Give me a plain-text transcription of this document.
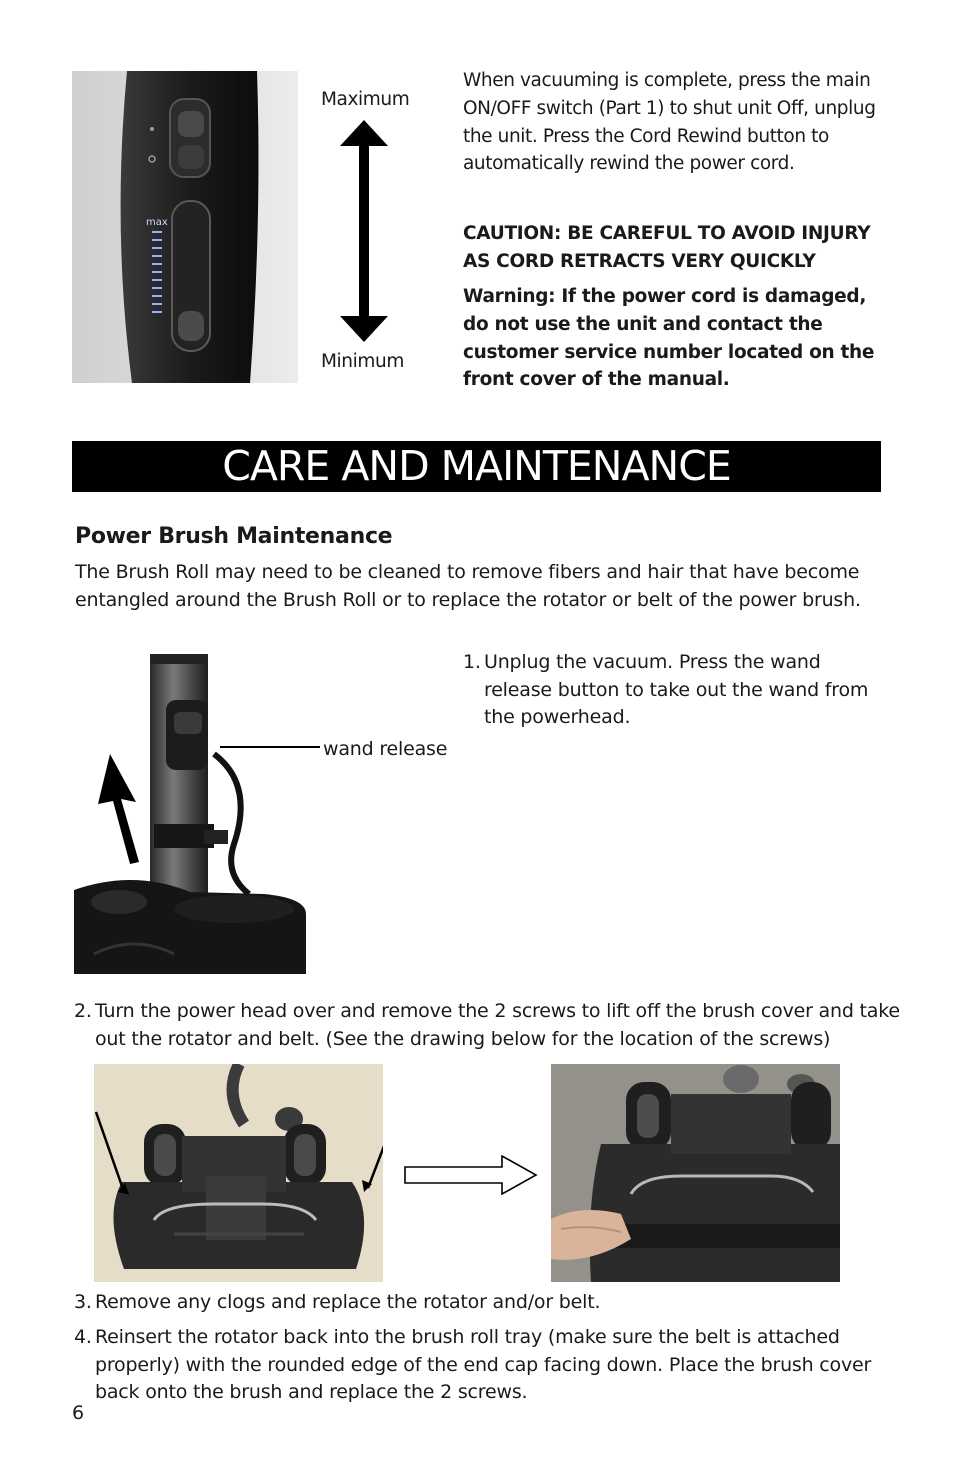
max
Maximum
Minimum
When vacuuming is complete, press the main ON/OFF switch (Part 1) to shut unit Off, unplug the unit. Press the Cord Rewind button to automatically rewind the power cord.
CAUTION: BE CAREFUL TO AVOID INJURY AS CORD RETRACTS VERY QUICKLY
Warning: If the power cord is damaged, do not use the unit and contact the customer service number located on the front cover of the manual.
CARE AND MAINTENANCE
Power Brush Maintenance
The Brush Roll may need to be cleaned to remove fibers and hair that have become entangled around the Brush Roll or to replace the rotator or belt of the power brush.
wand release
1. Unplug the vacuum. Press the wand release button to take out the wand from the powerhead.
2. Turn the power head over and remove the 2 screws to lift off the brush cover and take out the rotator and belt. (See the drawing below for the location of the screws)
3. Remove any clogs and replace the rotator and/or belt.
4. Reinsert the rotator back into the brush roll tray (make sure the belt is attached properly) with the rounded edge of the end cap facing down. Place the brush cover back onto the brush and replace the 2 screws.
6
